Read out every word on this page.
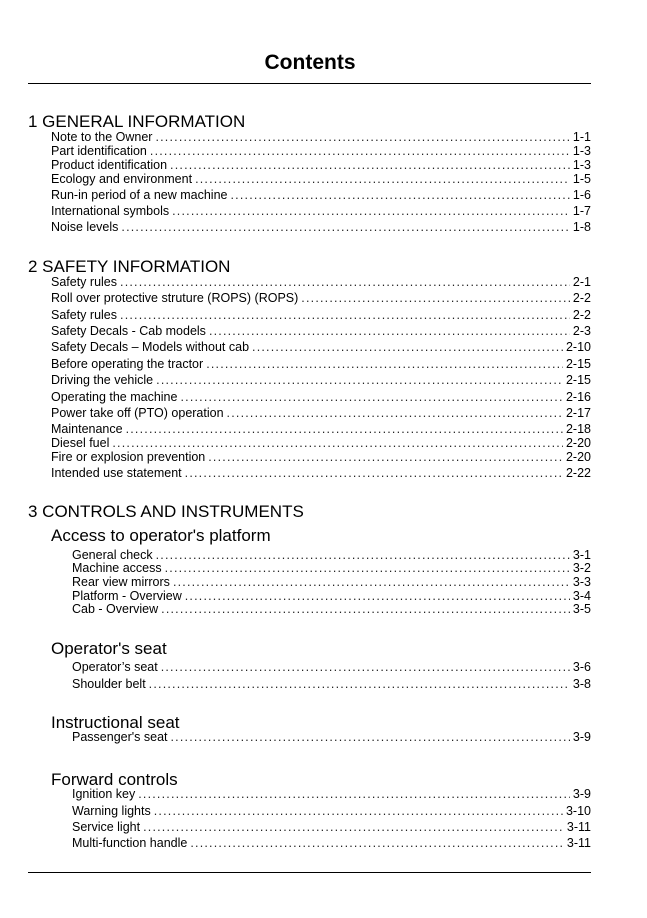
Contents
1 GENERAL INFORMATION
Note to the Owner .....	1-1
Part identification .....	1-3
Product identification .....	1-3
Ecology and environment .....	1-5
Run-in period of a new machine .....	1-6
International symbols .....	1-7
Noise levels .....	1-8
2 SAFETY INFORMATION
Safety rules .....	2-1
Roll over protective struture (ROPS) (ROPS) .....	2-2
Safety rules .....	2-2
Safety Decals - Cab models .....	2-3
Safety Decals – Models without cab .....	2-10
Before operating the tractor .....	2-15
Driving the vehicle .....	2-15
Operating the machine .....	2-16
Power take off (PTO) operation .....	2-17
Maintenance .....	2-18
Diesel fuel .....	2-20
Fire or explosion prevention .....	2-20
Intended use statement .....	2-22
3 CONTROLS AND INSTRUMENTS
Access to operator's platform
General check .....	3-1
Machine access .....	3-2
Rear view mirrors .....	3-3
Platform - Overview .....	3-4
Cab - Overview .....	3-5
Operator's seat
Operator’s seat .....	3-6
Shoulder belt .....	3-8
Instructional seat
Passenger's seat .....	3-9
Forward controls
Ignition key .....	3-9
Warning lights .....	3-10
Service light .....	3-11
Multi-function handle .....	3-11
